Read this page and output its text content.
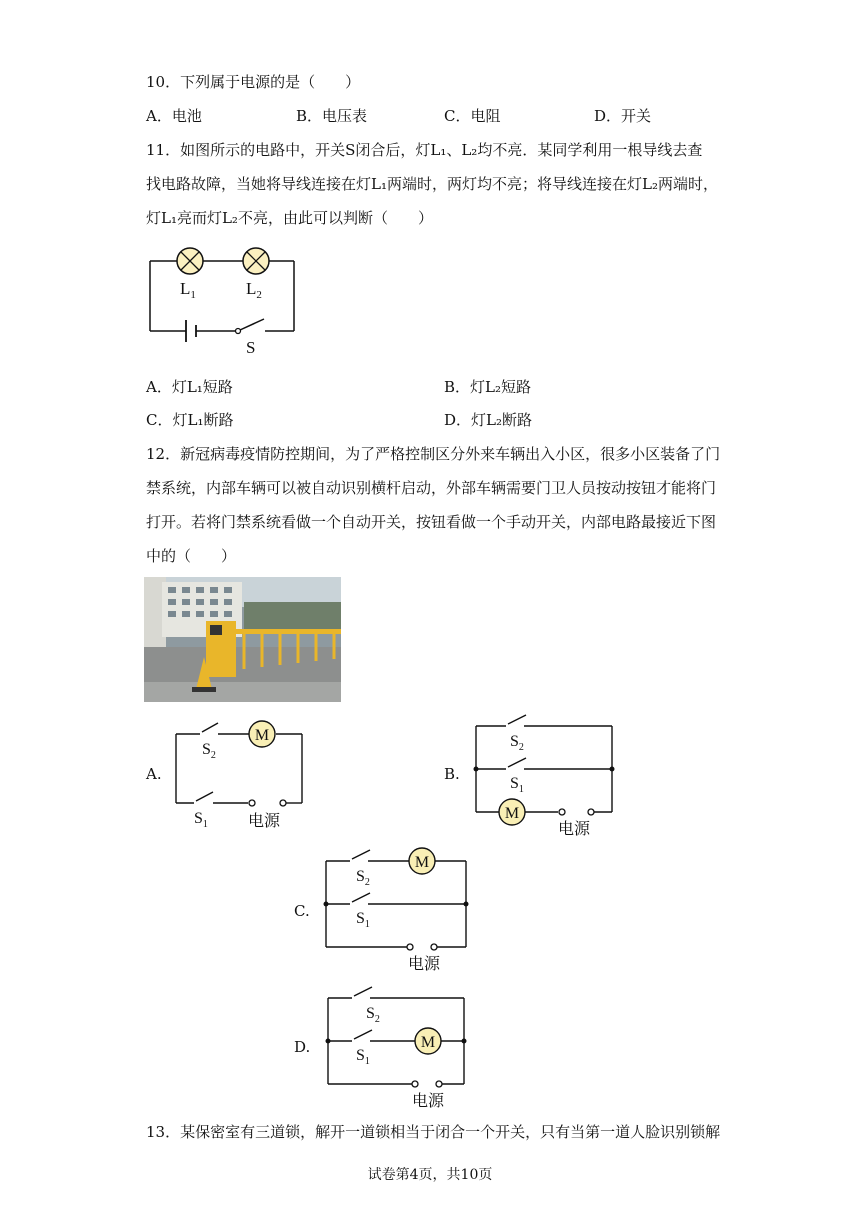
10．下列属于电源的是（　　）
A．电池	B．电压表	C．电阻	D．开关
11．如图所示的电路中，开关S闭合后，灯L₁、L₂均不亮．某同学利用一根导线去查
找电路故障，当她将导线连接在灯L₁两端时，两灯均不亮；将导线连接在灯L₂两端时，
灯L₁亮而灯L₂不亮，由此可以判断（　　）
$L_1$	$L_2$
S
A．灯L₁短路	B．灯L₂短路
C．灯L₁断路	D．灯L₂断路
12．新冠病毒疫情防控期间，为了严格控制区分外来车辆出入小区，很多小区装备了门
禁系统，内部车辆可以被自动识别横杆启动，外部车辆需要门卫人员按动按钮才能将门
打开。若将门禁系统看做一个自动开关，按钮看做一个手动开关，内部电路最接近下图
中的（　　）
A.
M
$S_2$
$S_1$	电源
B.
M
$S_2$
$S_1$
电源
C.
M
$S_2$
$S_1$
电源
D.	M
$S_2$
$S_1$
电源
13．某保密室有三道锁，解开一道锁相当于闭合一个开关，只有当第一道人脸识别锁解
试卷第4页，共10页
